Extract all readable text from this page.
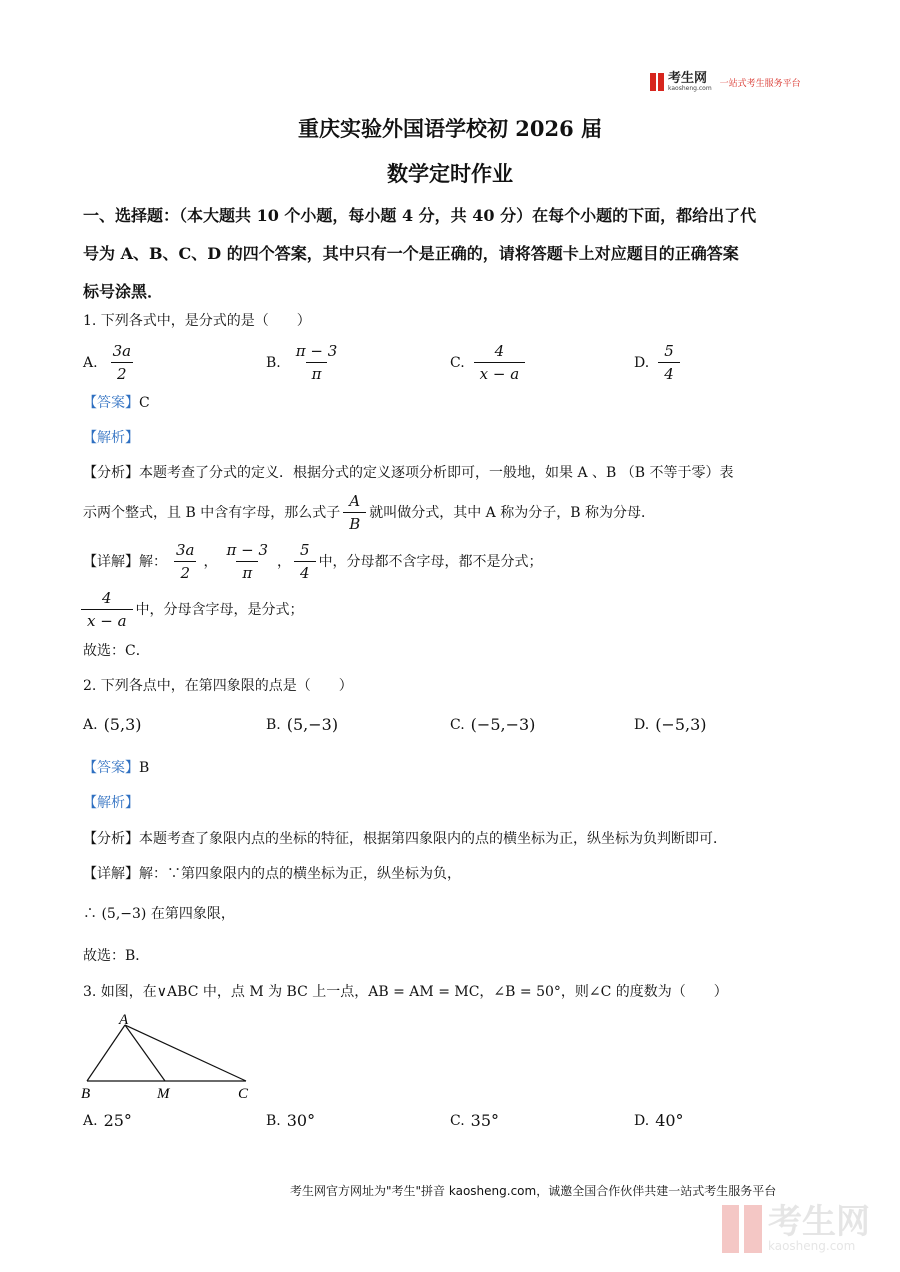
考生网
kaosheng.com 一站式考生服务平台
重庆实验外国语学校初 2026 届
数学定时作业
一、选择题：（本大题共 10 个小题，每小题 4 分，共 40 分）在每个小题的下面，都给出了代
号为 A、B、C、D 的四个答案，其中只有一个是正确的，请将答题卡上对应题目的正确答案
标号涂黑．
1. 下列各式中，是分式的是（　　）
A. $\frac{3a}{2}$	B. $\frac{\pi - 3}{\pi}$	C. $\frac{4}{x - a}$	D. $\frac{5}{4}$
【答案】C
【解析】
【分析】本题考查了分式的定义．根据分式的定义逐项分析即可，一般地，如果 A 、B （B 不等于零）表
示两个整式，且 B 中含有字母，那么式子 $\frac{A}{B}$ 就叫做分式，其中 A 称为分子，B 称为分母．
【详解】 解： $\frac{3a}{2}$ ， $\frac{\pi - 3}{\pi}$ ， $\frac{5}{4}$ 中，分母都不含字母，都不是分式；
$\frac{4}{x - a}$ 中，分母含字母，是分式；
故选：C．
2. 下列各点中，在第四象限的点是（　　）
A. (5,3)	B. (5,−3)	C. (−5,−3)	D. (−5,3)
【答案】B
【解析】
【分析】本题考查了象限内点的坐标的特征，根据第四象限内的点的横坐标为正，纵坐标为负判断即可．
【详解】解：∵第四象限内的点的横坐标为正，纵坐标为负，
∴ (5,−3) 在第四象限，
故选：B．
3. 如图，在∨ABC 中，点 M 为 BC 上一点，AB = AM = MC，∠B = 50°，则∠C 的度数为（　　）
A
B	M	C
A. 25°	B. 30°	C. 35°	D. 40°
考生网官方网址为"考生"拼音 kaosheng.com，诚邀全国合作伙伴共建一站式考生服务平台
考生网
kaosheng.com
